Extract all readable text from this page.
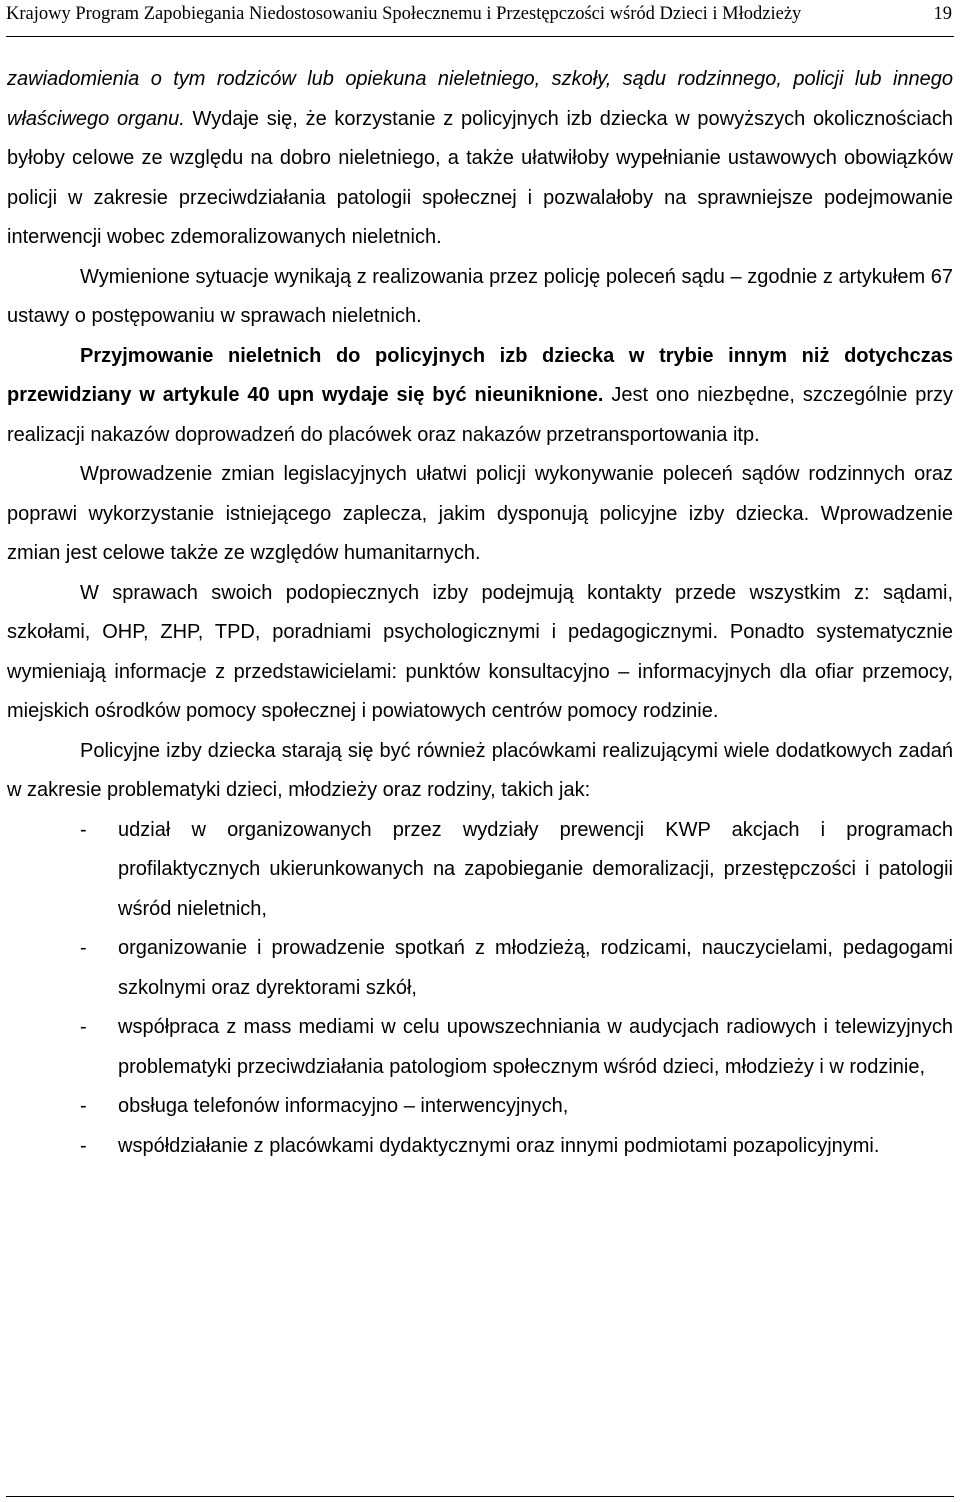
Krajowy Program Zapobiegania Niedostosowaniu Społecznemu i Przestępczości wśród Dzieci i Młodzieży	19

zawiadomienia o tym rodziców lub opiekuna nieletniego, szkoły, sądu rodzinnego, policji lub innego właściwego organu. Wydaje się, że korzystanie z policyjnych izb dziecka w powyższych okolicznościach byłoby celowe ze względu na dobro nieletniego, a także ułatwiłoby wypełnianie ustawowych obowiązków policji w zakresie przeciwdziałania patologii społecznej i pozwalałoby na sprawniejsze podejmowanie interwencji wobec zdemoralizowanych nieletnich.

Wymienione sytuacje wynikają z realizowania przez policję poleceń sądu – zgodnie z artykułem 67 ustawy o postępowaniu w sprawach nieletnich.

Przyjmowanie nieletnich do policyjnych izb dziecka w trybie innym niż dotychczas przewidziany w artykule 40 upn wydaje się być nieuniknione. Jest ono niezbędne, szczególnie przy realizacji nakazów doprowadzeń do placówek oraz nakazów przetransportowania itp.

Wprowadzenie zmian legislacyjnych ułatwi policji wykonywanie poleceń sądów rodzinnych oraz poprawi wykorzystanie istniejącego zaplecza, jakim dysponują policyjne izby dziecka. Wprowadzenie zmian jest celowe także ze względów humanitarnych.

W sprawach swoich podopiecznych izby podejmują kontakty przede wszystkim z: sądami, szkołami, OHP, ZHP, TPD, poradniami psychologicznymi i pedagogicznymi. Ponadto systematycznie wymieniają informacje z przedstawicielami: punktów konsultacyjno – informacyjnych dla ofiar przemocy, miejskich ośrodków pomocy społecznej i powiatowych centrów pomocy rodzinie.

Policyjne izby dziecka starają się być również placówkami realizującymi wiele dodatkowych zadań w zakresie problematyki dzieci, młodzieży oraz rodziny, takich jak:

- udział w organizowanych przez wydziały prewencji KWP akcjach i programach profilaktycznych ukierunkowanych na zapobieganie demoralizacji, przestępczości i patologii wśród nieletnich,
- organizowanie i prowadzenie spotkań z młodzieżą, rodzicami, nauczycielami, pedagogami szkolnymi oraz dyrektorami szkół,
- współpraca z mass mediami w celu upowszechniania w audycjach radiowych i telewizyjnych problematyki przeciwdziałania patologiom społecznym wśród dzieci, młodzieży i w rodzinie,
- obsługa telefonów informacyjno – interwencyjnych,
- współdziałanie z placówkami dydaktycznymi oraz innymi podmiotami pozapolicyjnymi.
